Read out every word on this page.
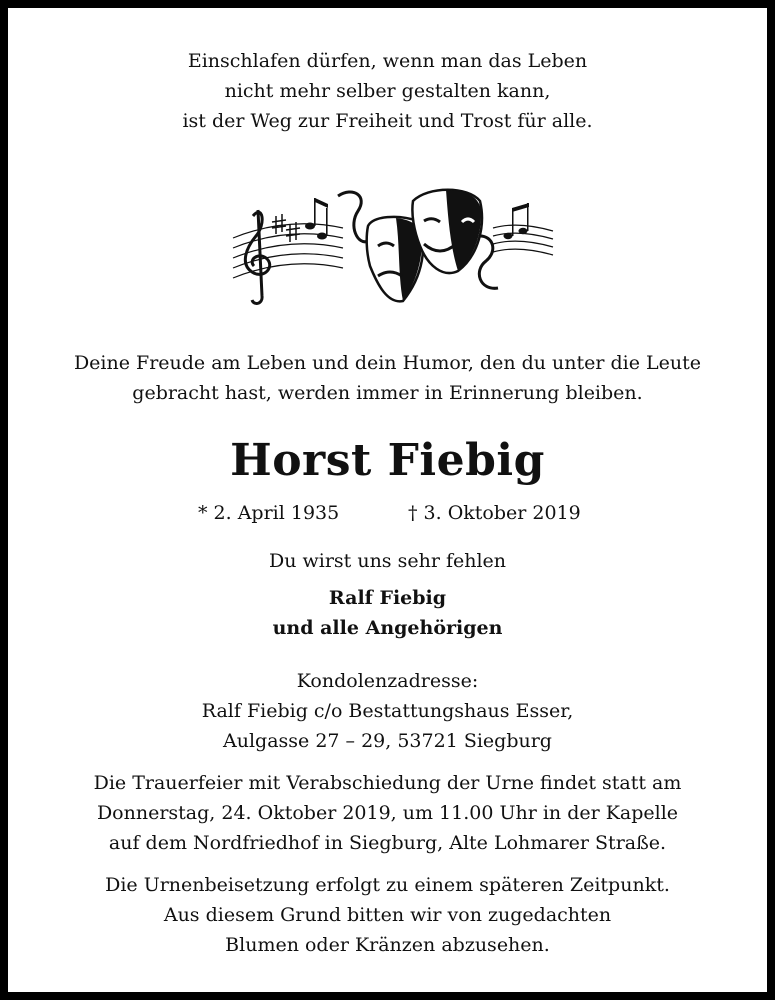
Einschlafen dürfen, wenn man das Leben
nicht mehr selber gestalten kann,
ist der Weg zur Freiheit und Trost für alle.
Deine Freude am Leben und dein Humor, den du unter die Leute
gebracht hast, werden immer in Erinnerung bleiben.
Horst Fiebig
* 2. April 1935	† 3. Oktober 2019
Du wirst uns sehr fehlen
Ralf Fiebig
und alle Angehörigen
Kondolenzadresse:
Ralf Fiebig c/o Bestattungshaus Esser,
Aulgasse 27 – 29, 53721 Siegburg
Die Trauerfeier mit Verabschiedung der Urne findet statt am
Donnerstag, 24. Oktober 2019, um 11.00 Uhr in der Kapelle
auf dem Nordfriedhof in Siegburg, Alte Lohmarer Straße.
Die Urnenbeisetzung erfolgt zu einem späteren Zeitpunkt.
Aus diesem Grund bitten wir von zugedachten
Blumen oder Kränzen abzusehen.
